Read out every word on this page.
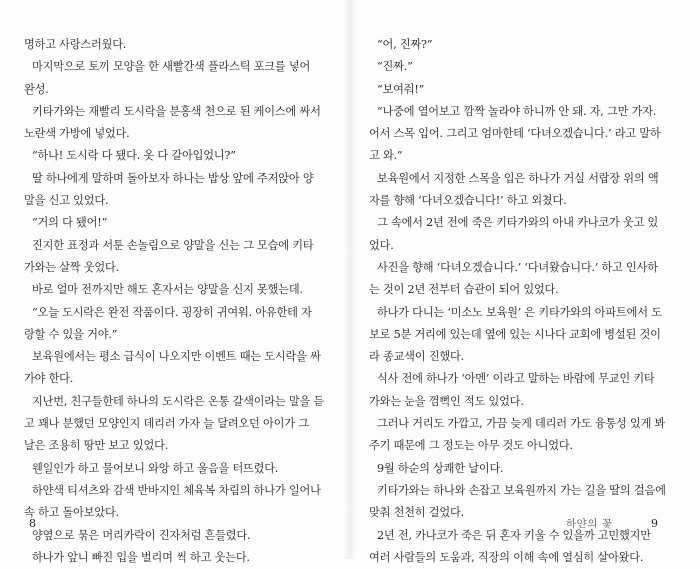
명하고 사랑스러웠다.
마지막으로 토끼 모양을 한 새빨간색 플라스틱 포크를 넣어
완성.
키타가와는 재빨리 도시락을 분홍색 천으로 된 케이스에 싸서
노란색 가방에 넣었다.
“하나! 도시락 다 됐다. 옷 다 갈아입었니?”
딸 하나에게 말하며 돌아보자 하나는 밥상 앞에 주저앉아 양
말을 신고 있었다.
“거의 다 됐어!”
진지한 표정과 서툰 손놀림으로 양말을 신는 그 모습에 키타
가와는 살짝 웃었다.
바로 얼마 전까지만 해도 혼자서는 양말을 신지 못했는데.
“오늘 도시락은 완전 작품이다. 굉장히 귀여워. 아유한테 자
랑할 수 있을 거야.”
보육원에서는 평소 급식이 나오지만 이벤트 때는 도시락을 싸
가야 한다.
지난번, 친구들한테 하나의 도시락은 온통 갈색이라는 말을 듣
고 꽤나 분했던 모양인지 데리러 가자 늘 달려오던 아이가 그
날은 조용히 땅만 보고 있었다.
웬일인가 하고 물어보니 와앙 하고 울음을 터뜨렸다.
하얀색 티셔츠와 감색 반바지인 체육복 차림의 하나가 일어나
속 하고 돌아보았다.
양옆으로 묶은 머리카락이 진자처럼 흔들렸다.
하나가 앞니 빠진 입을 벌리며 씩 하고 웃는다.
“어, 진짜?”
“진짜.”
“보여줘!”
“나중에 열어보고 깜짝 놀라야 하니까 안 돼. 자, 그만 가자.
어서 스목 입어. 그리고 엄마한테 ‘다녀오겠습니다.’ 라고 말하
고 와.”
보육원에서 지정한 스목을 입은 하나가 거실 서랍장 위의 액
자를 향해 ‘다녀오겠습니다!’ 하고 외쳤다.
그 속에서 2년 전에 죽은 키타가와의 아내 카나코가 웃고 있
었다.
사진을 향해 ‘다녀오겠습니다.’ ‘다녀왔습니다.’ 하고 인사하
는 것이 2년 전부터 습관이 되어 있었다.
하나가 다니는 ‘미소노 보육원’ 은 키타가와의 아파트에서 도
보로 5분 거리에 있는데 옆에 있는 시나다 교회에 병설된 것이
라 종교색이 진했다.
식사 전에 하나가 ‘아멘’ 이라고 말하는 바람에 무교인 키타
가와는 눈을 껌뻑인 적도 있었다.
그러나 거리도 가깝고, 가끔 늦게 데리러 가도 융통성 있게 봐
주기 때문에 그 정도는 아무 것도 아니었다.
9월 하순의 상쾌한 날이다.
키타가와는 하나와 손잡고 보육원까지 가는 길을 딸의 걸음에
맞춰 천천히 걸었다.
2년 전, 카나코가 죽은 뒤 혼자 키울 수 있을까 고민했지만
여러 사람들의 도움과, 직장의 이해 속에 열심히 살아왔다.
8	하얀의 꽃	9
